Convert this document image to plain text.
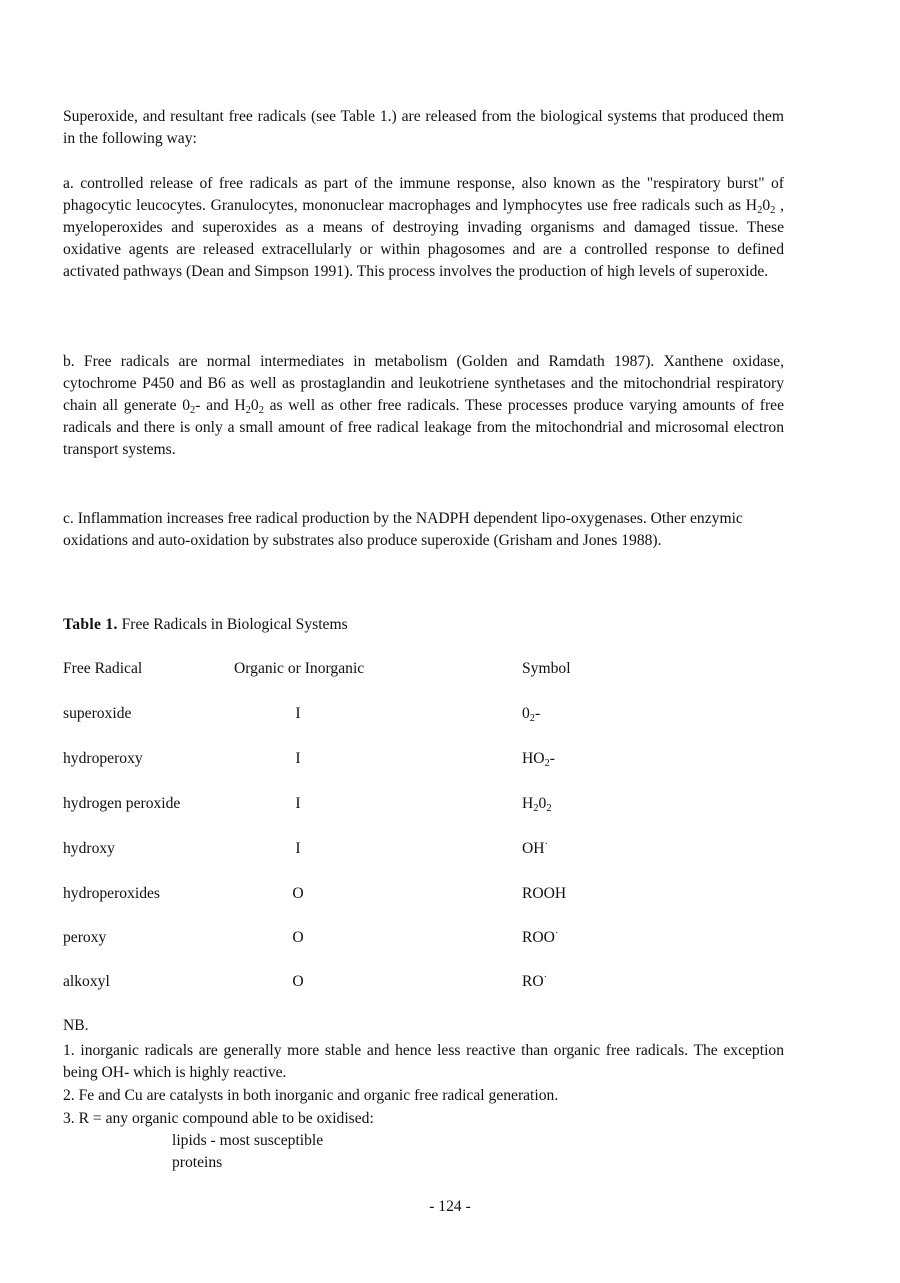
Superoxide, and resultant free radicals (see Table 1.) are released from the biological systems that produced them in the following way:

a. controlled release of free radicals as part of the immune response, also known as the "respiratory burst" of phagocytic leucocytes. Granulocytes, mononuclear macrophages and lymphocytes use free radicals such as $H_20_2$ , myeloperoxides and superoxides as a means of destroying invading organisms and damaged tissue. These oxidative agents are released extracellularly or within phagosomes and are a controlled response to defined activated pathways (Dean and Simpson 1991). This process involves the production of high levels of superoxide.

b. Free radicals are normal intermediates in metabolism (Golden and Ramdath 1987). Xanthene oxidase, cytochrome P450 and B6 as well as prostaglandin and leukotriene synthetases and the mitochondrial respiratory chain all generate $0_2-$ and $H_20_2$ as well as other free radicals. These processes produce varying amounts of free radicals and there is only a small amount of free radical leakage from the mitochondrial and microsomal electron transport systems.

c. Inflammation increases free radical production by the NADPH dependent lipo-oxygenases. Other enzymic oxidations and auto-oxidation by substrates also produce superoxide (Grisham and Jones 1988).

Table 1. Free Radicals in Biological Systems
Free Radical	Organic or Inorganic	Symbol
superoxide	I	$0_2-$
hydroperoxy	I	$HO_2-$
hydrogen peroxide	I	$H_20_2$
hydroxy	I	OH·
hydroperoxides	O	ROOH
peroxy	O	ROO·
alkoxyl	O	RO·

NB.

1. inorganic radicals are generally more stable and hence less reactive than organic free radicals. The exception being OH- which is highly reactive.

2. Fe and Cu are catalysts in both inorganic and organic free radical generation.

3. R = any organic compound able to be oxidised:

lipids - most susceptible
proteins
- 124 -
